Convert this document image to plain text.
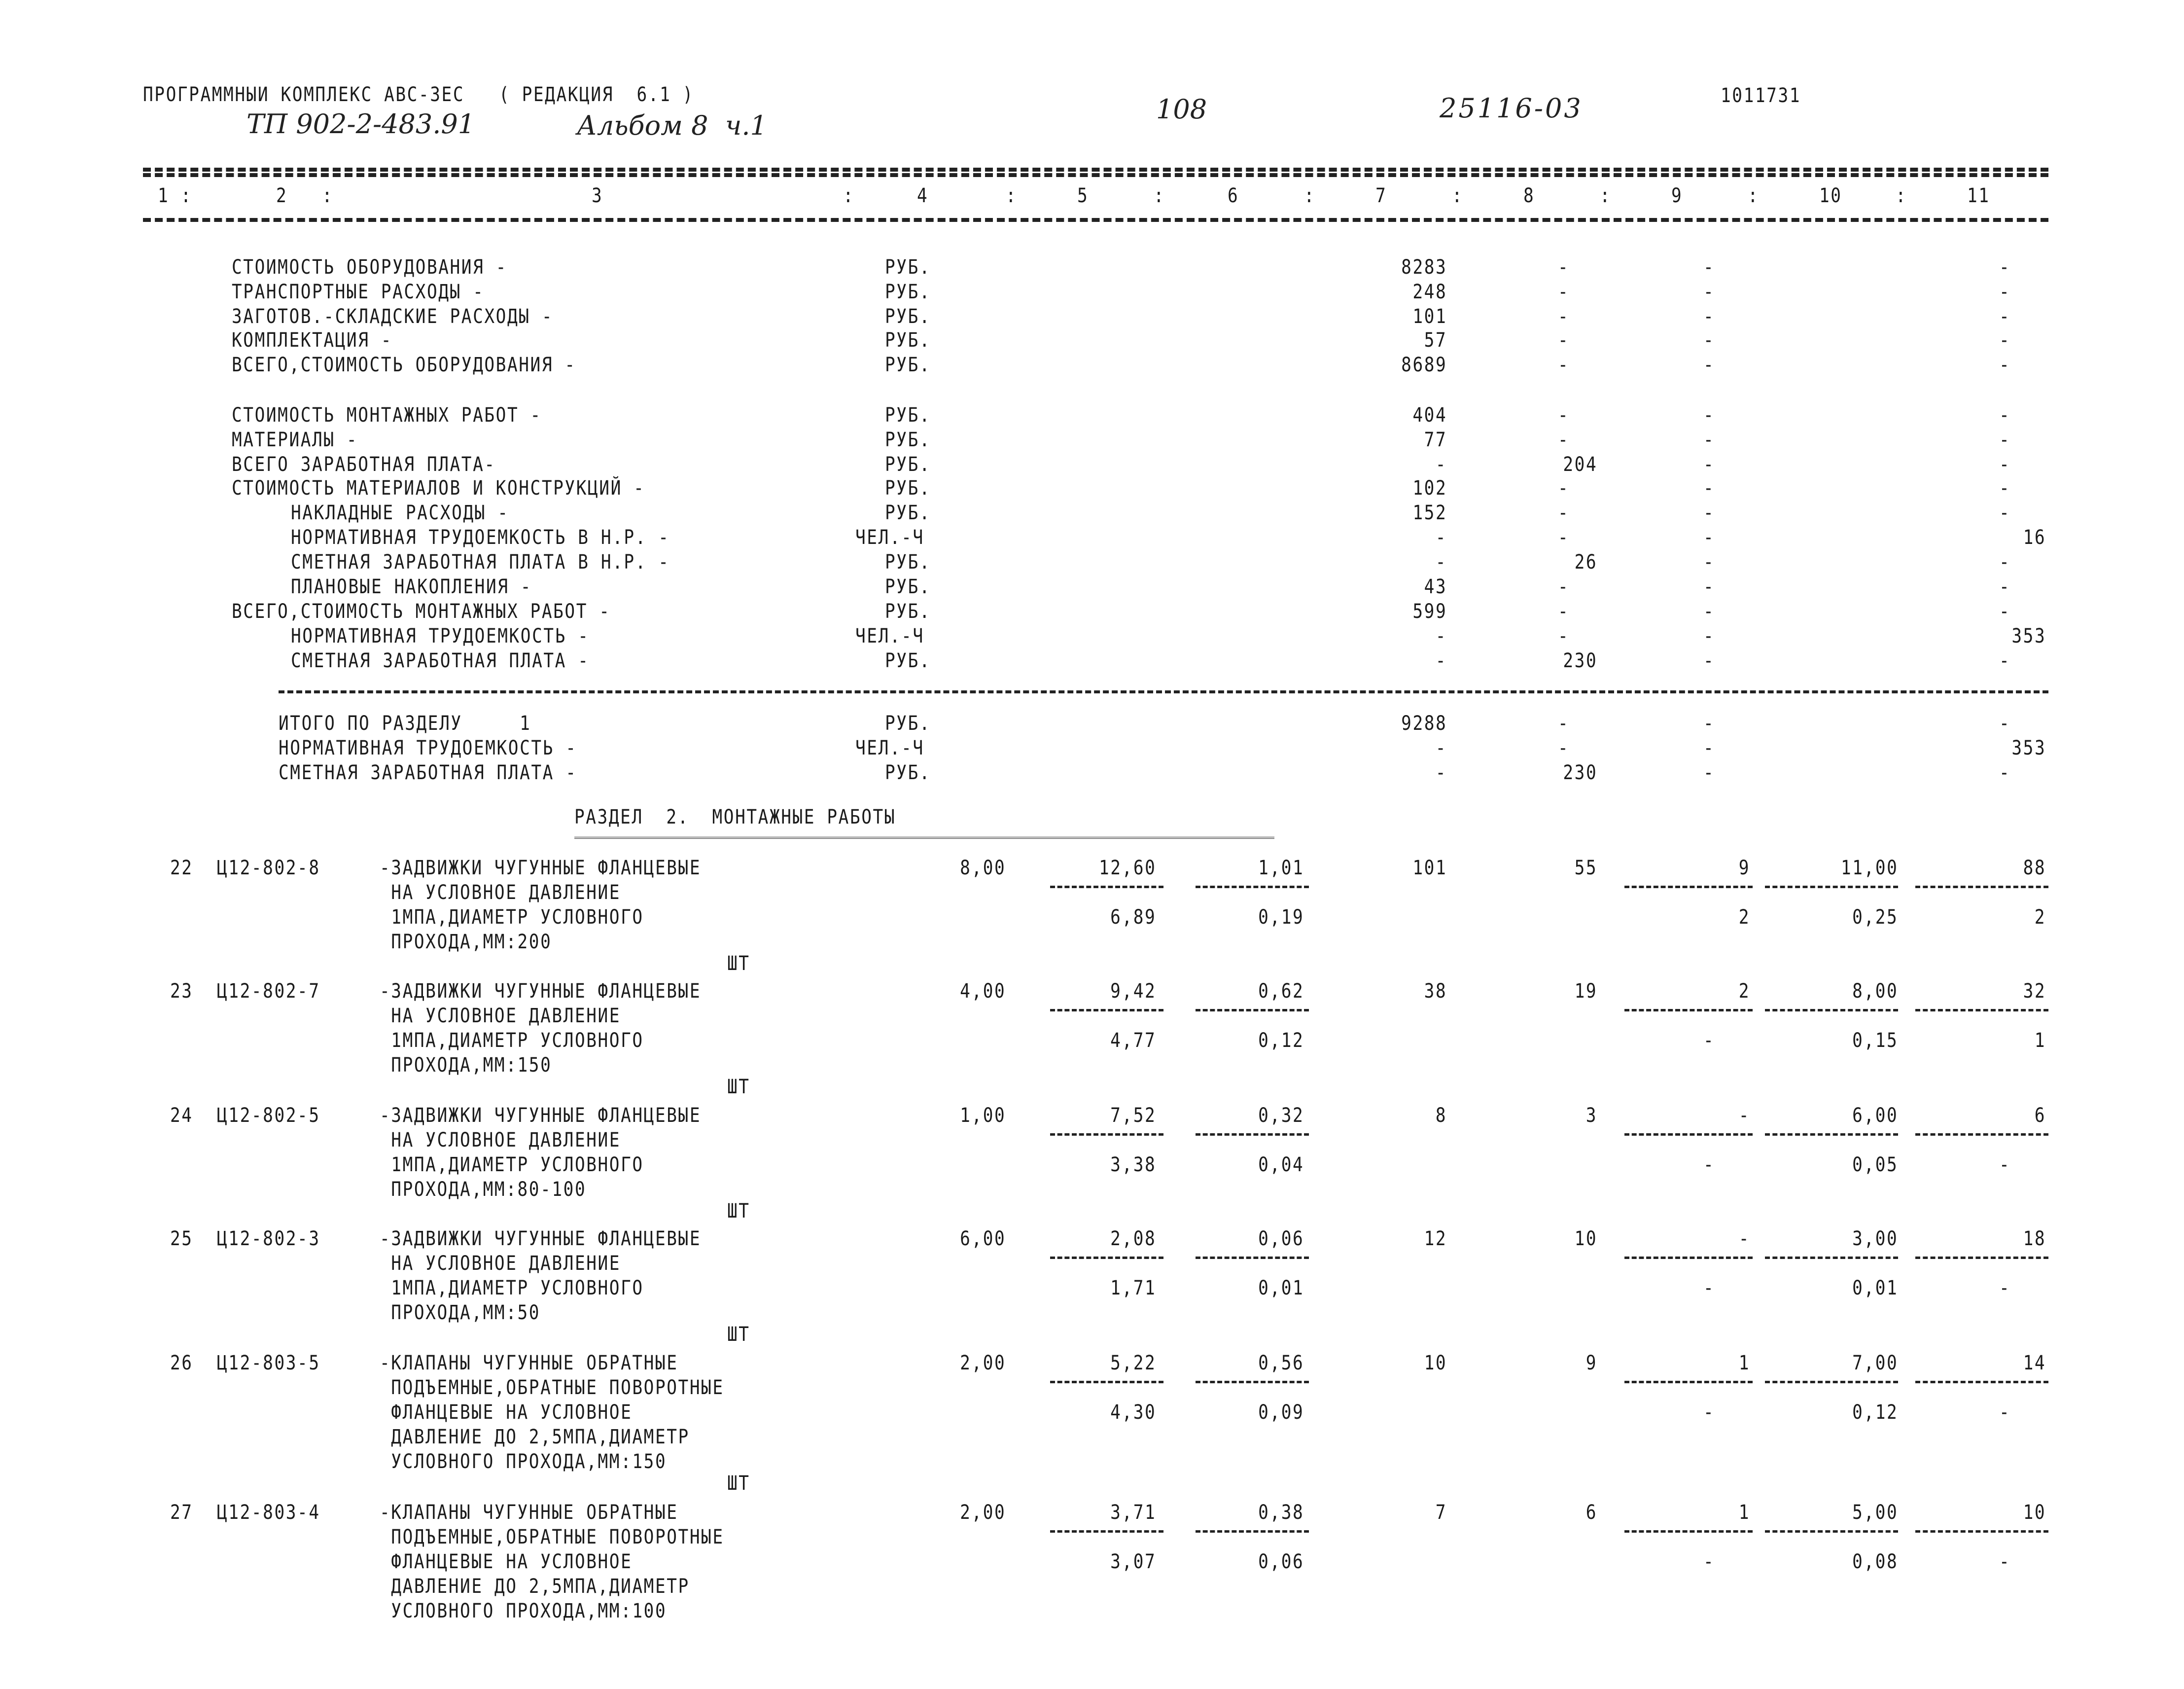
ПРОГРАММНЫИ КОМПЛЕКС АВС-3ЕС   ( РЕДАКЦИЯ  6.1 )
ТП 902-2-483.91	Альбом 8  ч.1
108	25116-03	1011731
1 :	2   :	3	:	4	:	5	:	6	:	7	:	8	:	9	:	10	:	11
СТОИМОСТЬ ОБОРУДОВАНИЯ -	РУБ.	8283	-	-	-
ТРАНСПОРТНЫЕ РАСХОДЫ -	РУБ.	248	-	-	-
ЗАГОТОВ.-СКЛАДСКИЕ РАСХОДЫ -	РУБ.	101	-	-	-
КОМПЛЕКТАЦИЯ -	РУБ.	57	-	-	-
ВСЕГО,СТОИМОСТЬ ОБОРУДОВАНИЯ -	РУБ.	8689	-	-	-
СТОИМОСТЬ МОНТАЖНЫХ РАБОТ -	РУБ.	404	-	-	-
МАТЕРИАЛЫ -	РУБ.	77	-	-	-
ВСЕГО ЗАРАБОТНАЯ ПЛАТА-	РУБ.	-	204	-	-
СТОИМОСТЬ МАТЕРИАЛОВ И КОНСТРУКЦИЙ -	РУБ.	102	-	-	-
НАКЛАДНЫЕ РАСХОДЫ -	РУБ.	152	-	-	-
НОРМАТИВНАЯ ТРУДОЕМКОСТЬ В Н.Р. -	ЧЕЛ.-Ч	-	-	-	16
СМЕТНАЯ ЗАРАБОТНАЯ ПЛАТА В Н.Р. -	РУБ.	-	26	-	-
ПЛАНОВЫЕ НАКОПЛЕНИЯ -	РУБ.	43	-	-	-
ВСЕГО,СТОИМОСТЬ МОНТАЖНЫХ РАБОТ -	РУБ.	599	-	-	-
НОРМАТИВНАЯ ТРУДОЕМКОСТЬ -	ЧЕЛ.-Ч	-	-	-	353
СМЕТНАЯ ЗАРАБОТНАЯ ПЛАТА -	РУБ.	-	230	-	-
ИТОГО ПО РАЗДЕЛУ     1	РУБ.	9288	-	-	-
НОРМАТИВНАЯ ТРУДОЕМКОСТЬ -	ЧЕЛ.-Ч	-	-	-	353
СМЕТНАЯ ЗАРАБОТНАЯ ПЛАТА -	РУБ.	-	230	-	-
РАЗДЕЛ  2.  МОНТАЖНЫЕ РАБОТЫ
22 Ц12-802-8	-ЗАДВИЖКИ ЧУГУННЫЕ ФЛАНЦЕВЫЕ
НА УСЛОВНОЕ ДАВЛЕНИЕ
1МПА,ДИАМЕТР УСЛОВНОГО
ПРОХОДА,ММ:200
ШТ
8,00	12,60	1,01	101	55	9	11,00	88
6,89	0,19	2	0,25	2
23 Ц12-802-7	-ЗАДВИЖКИ ЧУГУННЫЕ ФЛАНЦЕВЫЕ
НА УСЛОВНОЕ ДАВЛЕНИЕ
1МПА,ДИАМЕТР УСЛОВНОГО
ПРОХОДА,ММ:150
ШТ
4,00	9,42	0,62	38	19	2	8,00	32
4,77	0,12	-	0,15	1
24 Ц12-802-5	-ЗАДВИЖКИ ЧУГУННЫЕ ФЛАНЦЕВЫЕ
НА УСЛОВНОЕ ДАВЛЕНИЕ
1МПА,ДИАМЕТР УСЛОВНОГО
ПРОХОДА,ММ:80-100
ШТ
1,00	7,52	0,32	8	3	-	6,00	6
3,38	0,04	-	0,05	-
25 Ц12-802-3	-ЗАДВИЖКИ ЧУГУННЫЕ ФЛАНЦЕВЫЕ
НА УСЛОВНОЕ ДАВЛЕНИЕ
1МПА,ДИАМЕТР УСЛОВНОГО
ПРОХОДА,ММ:50
ШТ
6,00	2,08	0,06	12	10	-	3,00	18
1,71	0,01	-	0,01	-
26 Ц12-803-5	-КЛАПАНЫ ЧУГУННЫЕ ОБРАТНЫЕ
ПОДЪЕМНЫЕ,ОБРАТНЫЕ ПОВОРОТНЫЕ
ФЛАНЦЕВЫЕ НА УСЛОВНОЕ
ДАВЛЕНИЕ ДО 2,5МПА,ДИАМЕТР
УСЛОВНОГО ПРОХОДА,ММ:150
ШТ
2,00	5,22	0,56	10	9	1	7,00	14
4,30	0,09	-	0,12	-
27 Ц12-803-4	-КЛАПАНЫ ЧУГУННЫЕ ОБРАТНЫЕ
ПОДЪЕМНЫЕ,ОБРАТНЫЕ ПОВОРОТНЫЕ
ФЛАНЦЕВЫЕ НА УСЛОВНОЕ
ДАВЛЕНИЕ ДО 2,5МПА,ДИАМЕТР
УСЛОВНОГО ПРОХОДА,ММ:100
2,00	3,71	0,38	7	6	1	5,00	10
3,07	0,06	-	0,08	-
